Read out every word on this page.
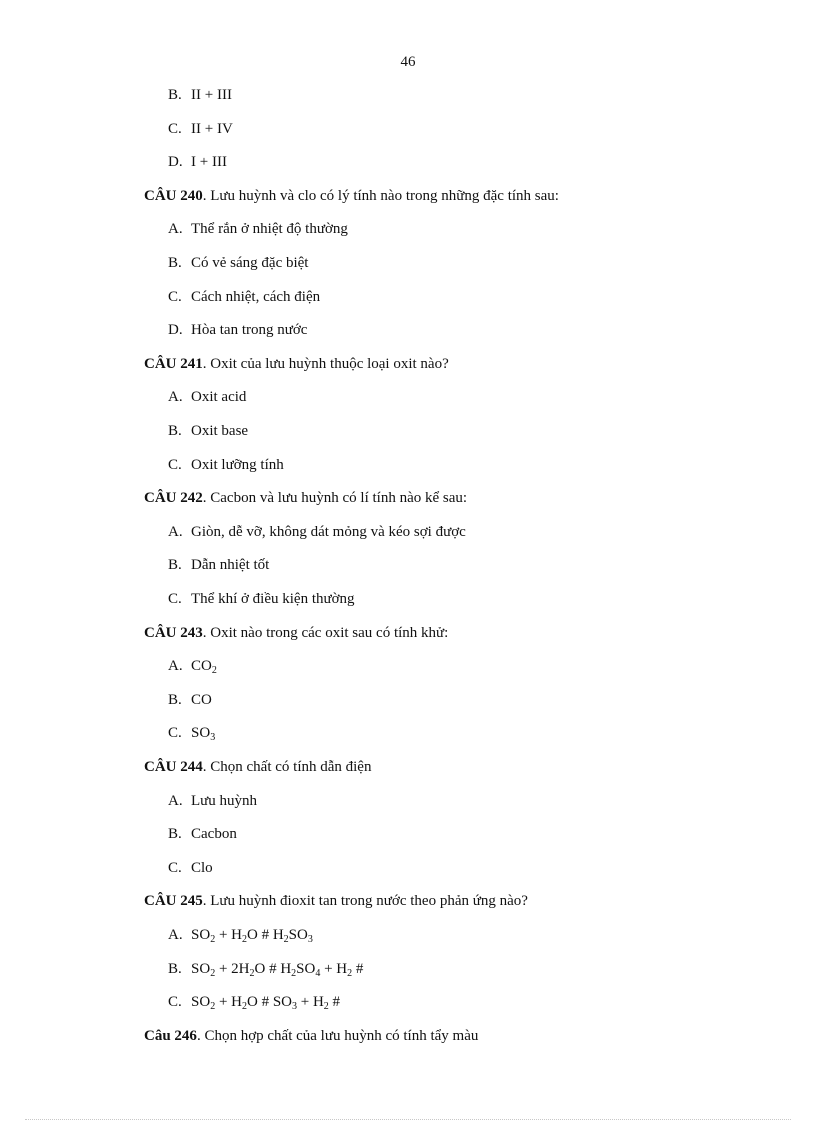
46
B. II + III
C. II + IV
D. I + III
CÂU 240. Lưu huỳnh và clo có lý tính nào trong những đặc tính sau:
A. Thể rắn ở nhiệt độ thường
B. Có vẻ sáng đặc biệt
C. Cách nhiệt, cách điện
D. Hòa tan trong nước
CÂU 241. Oxit của lưu huỳnh thuộc loại oxit nào?
A. Oxit acid
B. Oxit base
C. Oxit lưỡng tính
CÂU 242. Cacbon và lưu huỳnh có lí tính nào kể sau:
A. Giòn, dễ vỡ, không dát mỏng và kéo sợi được
B. Dẫn nhiệt tốt
C. Thể khí ở điều kiện thường
CÂU 243. Oxit nào trong các oxit sau có tính khử:
A. $CO_2$
B. CO
C. $SO_3$
CÂU 244. Chọn chất có tính dẫn điện
A. Lưu huỳnh
B. Cacbon
C. Clo
CÂU 245. Lưu huỳnh đioxit tan trong nước theo phản ứng nào?
A. $SO_2 + H_2O$ # $H_2SO_3$
B. $SO_2 + 2H_2O$ # $H_2SO_4 + H_2$ #
C. $SO_2 + H_2O$ # $SO_3 + H_2$ #
Câu 246. Chọn hợp chất của lưu huỳnh có tính tẩy màu
